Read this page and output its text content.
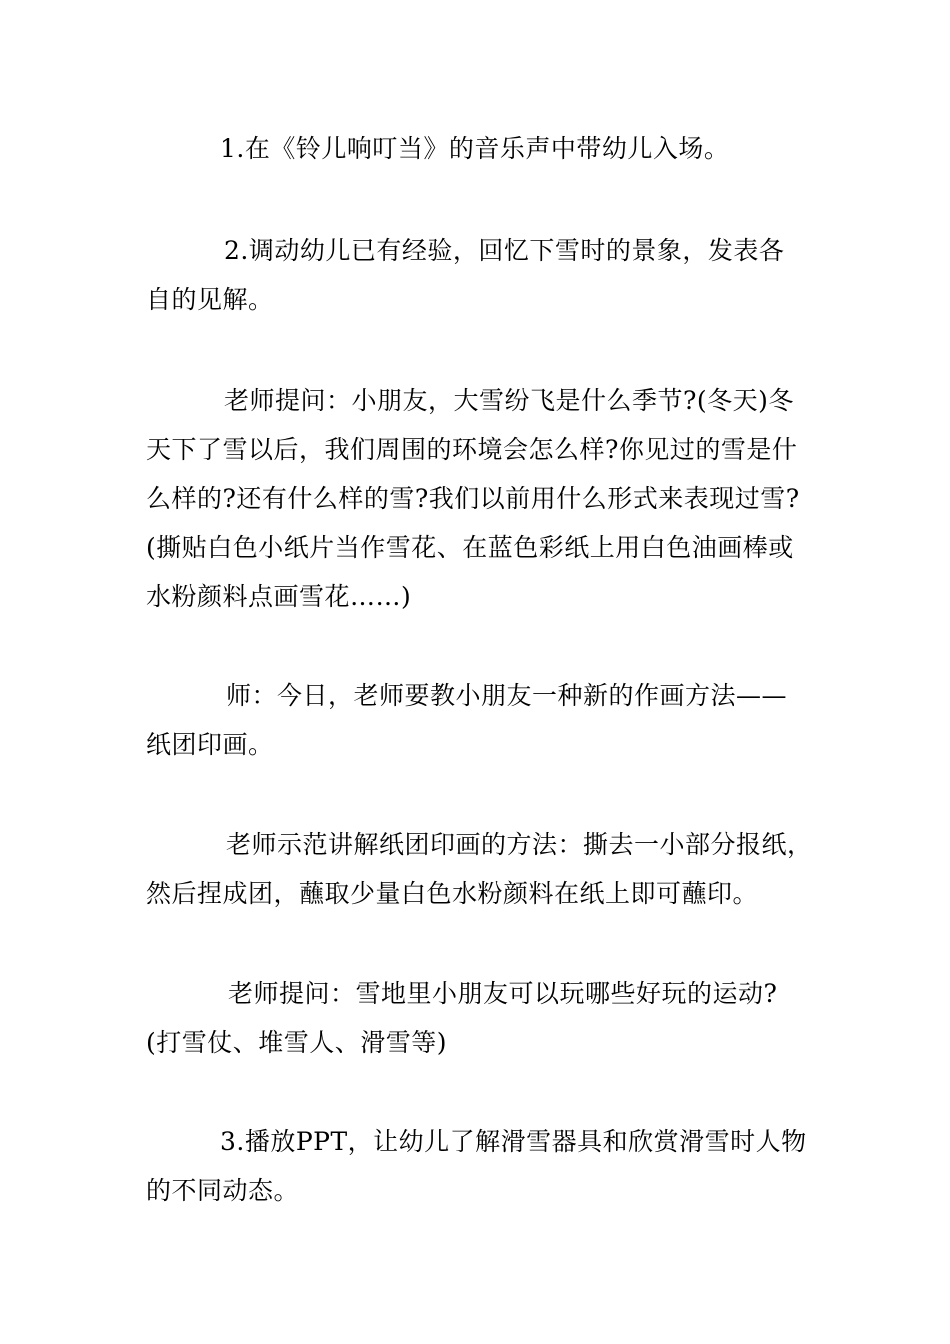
1.在《铃儿响叮当》的音乐声中带幼儿入场。
2.调动幼儿已有经验，回忆下雪时的景象，发表各
自的见解。
老师提问：小朋友，大雪纷飞是什么季节?(冬天)冬
天下了雪以后，我们周围的环境会怎么样?你见过的雪是什
么样的?还有什么样的雪?我们以前用什么形式来表现过雪?
(撕贴白色小纸片当作雪花、在蓝色彩纸上用白色油画棒或
水粉颜料点画雪花……)
师：今日，老师要教小朋友一种新的作画方法——
纸团印画。
老师示范讲解纸团印画的方法：撕去一小部分报纸，
然后捏成团，蘸取少量白色水粉颜料在纸上即可蘸印。
老师提问：雪地里小朋友可以玩哪些好玩的运动?
(打雪仗、堆雪人、滑雪等)
3.播放PPT，让幼儿了解滑雪器具和欣赏滑雪时人物
的不同动态。
